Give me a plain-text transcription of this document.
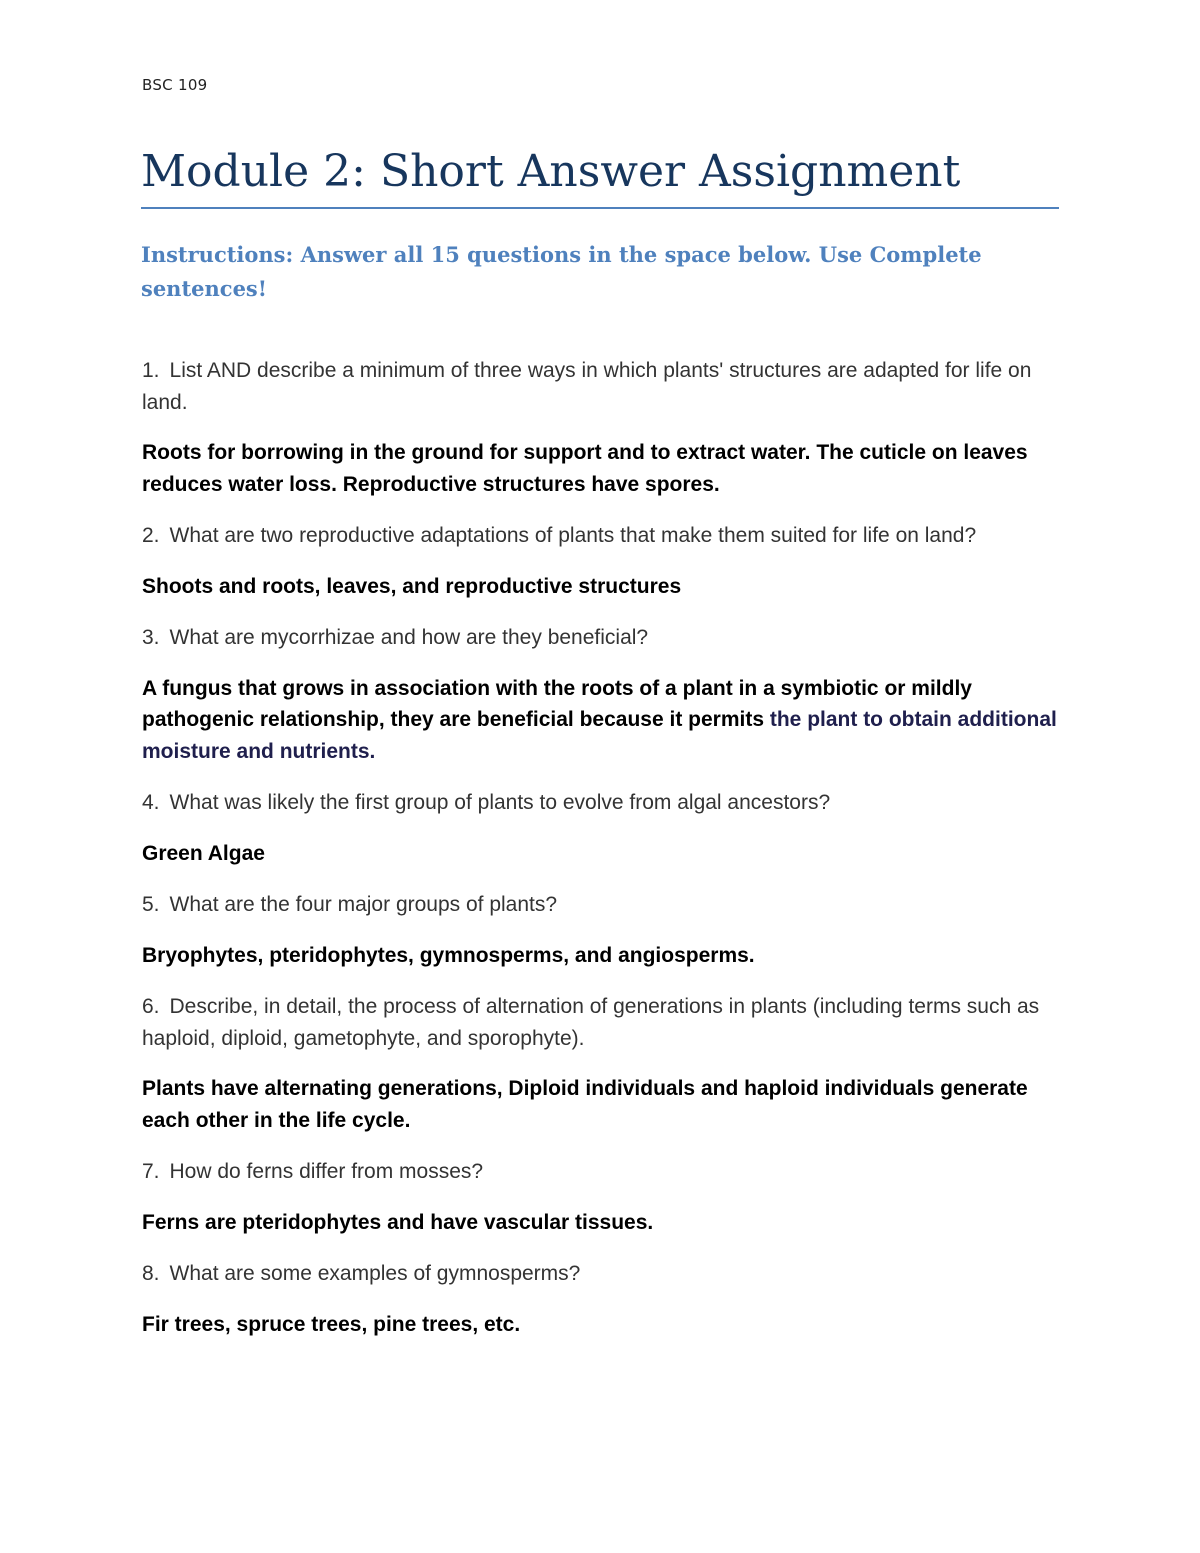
BSC 109
Module 2: Short Answer Assignment

Instructions: Answer all 15 questions in the space below. Use Complete sentences!

1. List AND describe a minimum of three ways in which plants' structures are adapted for life on land.

Roots for borrowing in the ground for support and to extract water. The cuticle on leaves reduces water loss. Reproductive structures have spores.

2. What are two reproductive adaptations of plants that make them suited for life on land?

Shoots and roots, leaves, and reproductive structures

3. What are mycorrhizae and how are they beneficial?

A fungus that grows in association with the roots of a plant in a symbiotic or mildly pathogenic relationship, they are beneficial because it permits the plant to obtain additional moisture and nutrients.

4. What was likely the first group of plants to evolve from algal ancestors?

Green Algae

5. What are the four major groups of plants?

Bryophytes, pteridophytes, gymnosperms, and angiosperms.

6. Describe, in detail, the process of alternation of generations in plants (including terms such as haploid, diploid, gametophyte, and sporophyte).

Plants have alternating generations, Diploid individuals and haploid individuals generate each other in the life cycle.

7. How do ferns differ from mosses?

Ferns are pteridophytes and have vascular tissues.

8. What are some examples of gymnosperms?

Fir trees, spruce trees, pine trees, etc.
